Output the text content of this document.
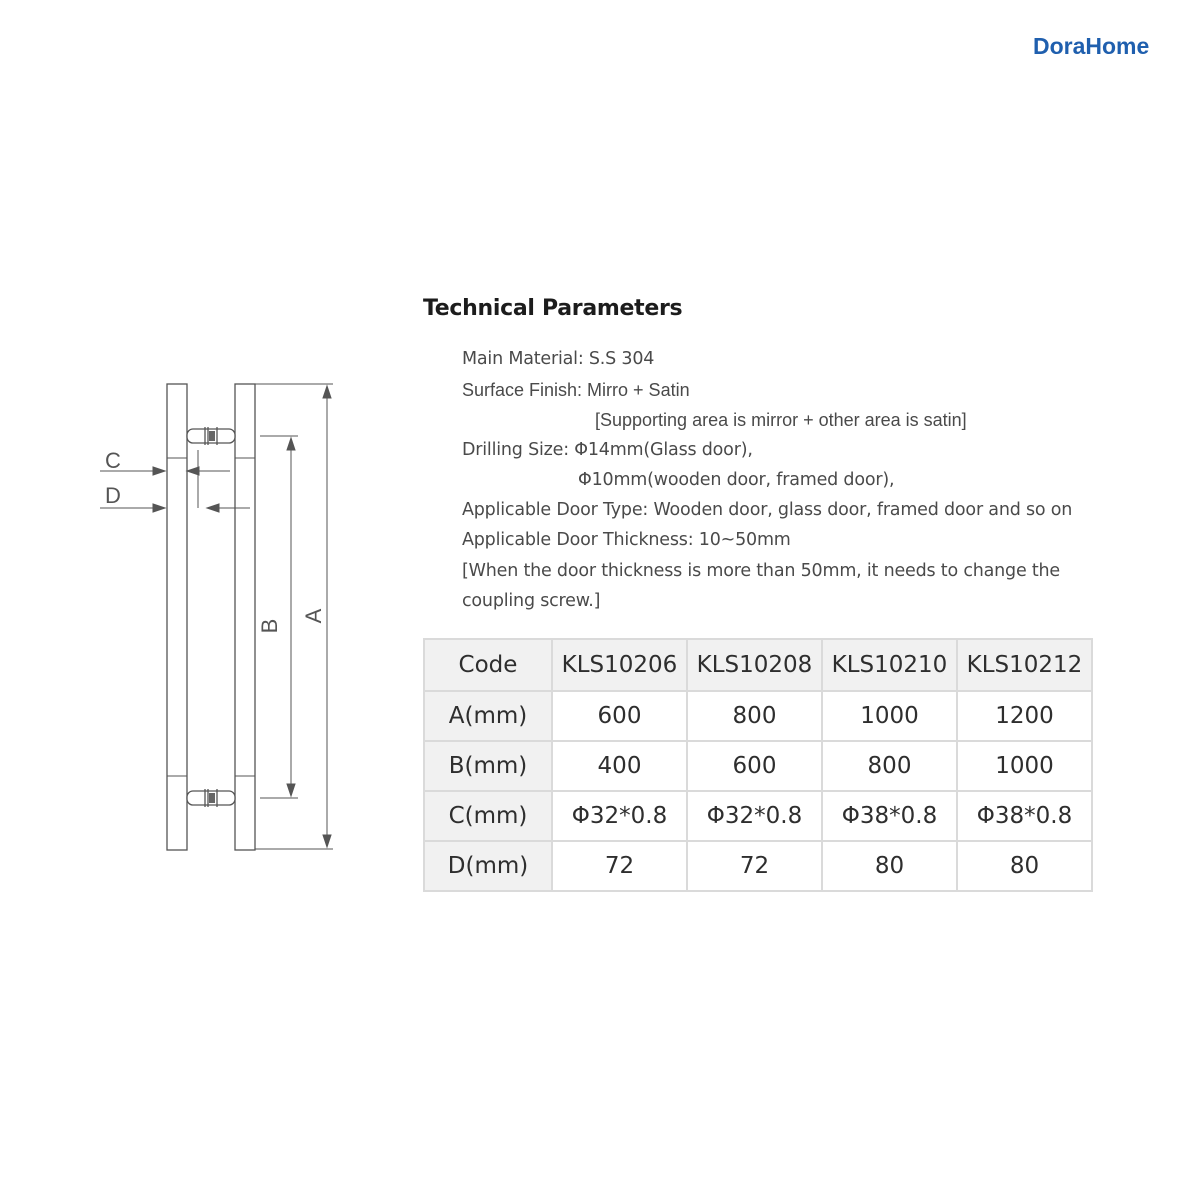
DoraHome
C
D
B
A
Technical Parameters
Main Material: S.S 304
Surface Finish: Mirro + Satin
[Supporting area is mirror + other area is satin]
Drilling Size: Φ14mm(Glass door),
Φ10mm(wooden door, framed door),
Applicable Door Type: Wooden door, glass door, framed door and so on
Applicable Door Thickness: 10~50mm
[When the door thickness is more than 50mm, it needs to change the
coupling screw.]
Code	KLS10206	KLS10208	KLS10210	KLS10212
A(mm)	600	800	1000	1200
B(mm)	400	600	800	1000
C(mm)	Φ32*0.8	Φ32*0.8	Φ38*0.8	Φ38*0.8
D(mm)	72	72	80	80
